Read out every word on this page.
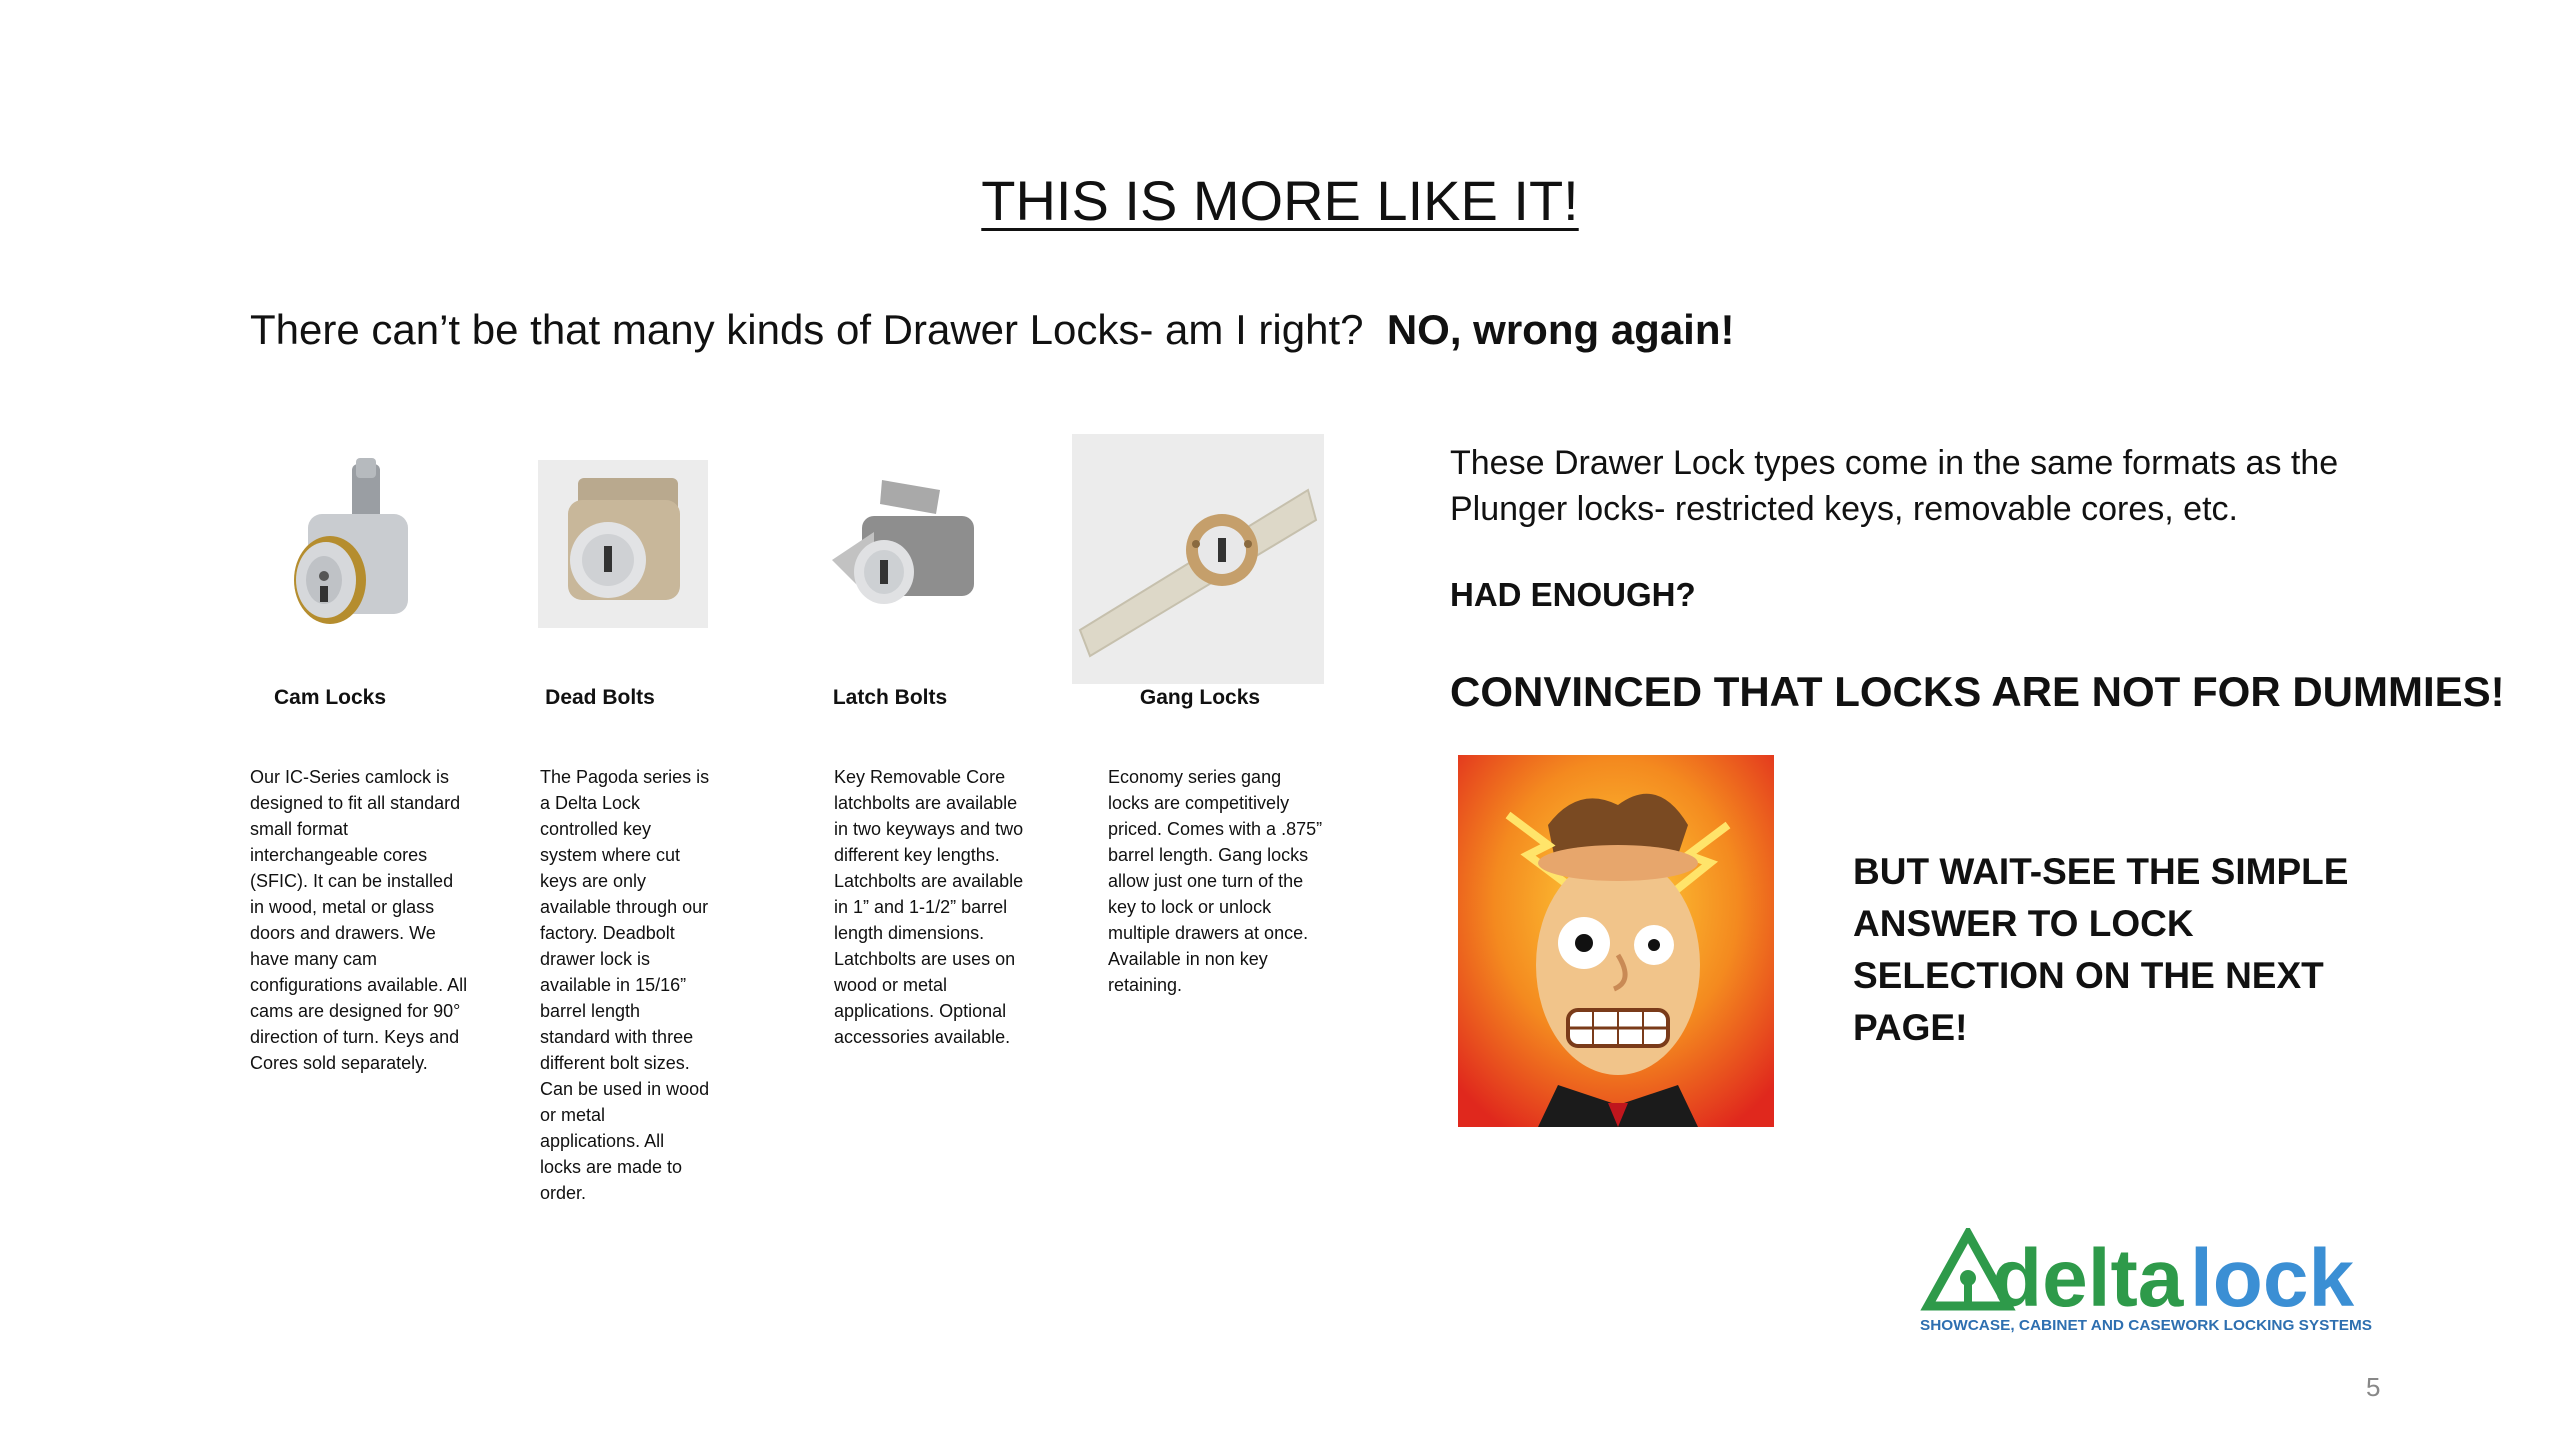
THIS IS MORE LIKE IT!
There can’t be that many kinds of Drawer Locks- am I right? NO, wrong again!
Cam Locks
Our IC-Series camlock is designed to fit all standard small format interchangeable cores (SFIC). It can be installed in wood, metal or glass doors and drawers. We have many cam configurations available. All cams are designed for 90° direction of turn. Keys and Cores sold separately.
Dead Bolts
The Pagoda series is a Delta Lock controlled key system where cut keys are only available through our factory. Deadbolt drawer lock is available in 15/16” barrel length standard with three different bolt sizes. Can be used in wood or metal applications. All locks are made to order.
Latch Bolts
Key Removable Core latchbolts are available in two keyways and two different key lengths. Latchbolts are available in 1” and 1-1/2” barrel length dimensions. Latchbolts are uses on wood or metal applications. Optional accessories available.
Gang Locks
Economy series gang locks are competitively priced. Comes with a .875” barrel length. Gang locks allow just one turn of the key to lock or unlock multiple drawers at once. Available in non key retaining.
These Drawer Lock types come in the same formats as the Plunger locks- restricted keys, removable cores, etc.
HAD ENOUGH?
CONVINCED THAT LOCKS ARE NOT FOR DUMMIES!
BUT WAIT-SEE THE SIMPLE ANSWER TO LOCK SELECTION ON THE NEXT PAGE!
delta lock
SHOWCASE, CABINET AND CASEWORK LOCKING SYSTEMS
5
